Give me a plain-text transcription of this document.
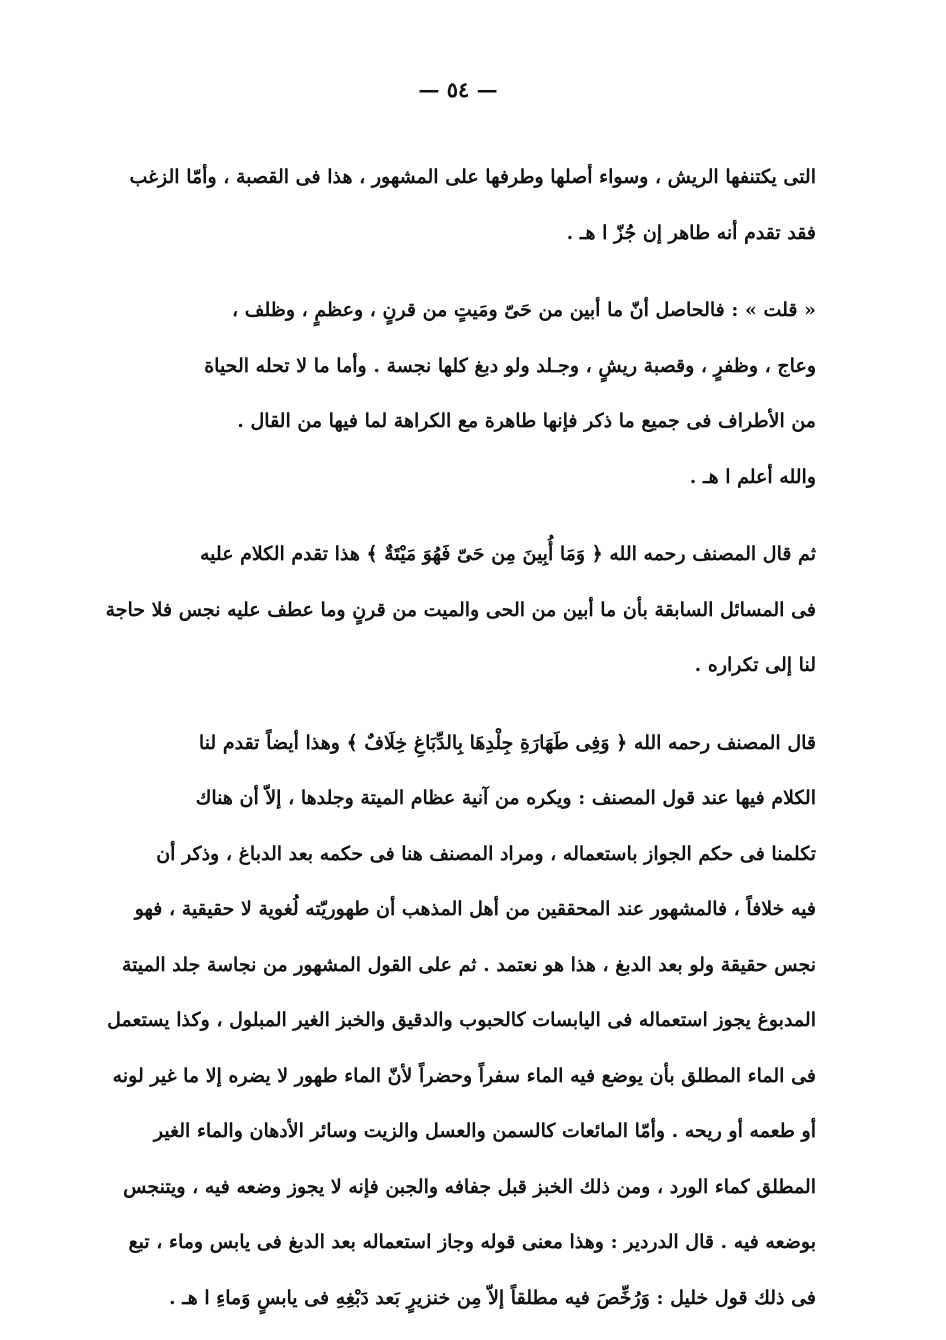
— ٥٤ —
التى يكتنفها الريش ، وسواء أصلها وطرفها على المشهور ، هذا فى القصبة ، وأمّا الزغب
فقد تقدم أنه طاهر إن جُزّ ا هـ .
« قلت » : فالحاصل أنّ ما أبين من حَىّ ومَيتٍ من قرنٍ ، وعظمٍ ، وظلف ،
وعاج ، وظفرٍ ، وقصبة ريشٍ ، وجـلد ولو دبغ كلها نجسة . وأما ما لا تحله الحياة
من الأطراف فى جميع ما ذكر فإنها طاهرة مع الكراهة لما فيها من القال .
والله أعلم ا هـ .
ثم قال المصنف رحمه الله ﴿ وَمَا أُبِينَ مِن حَىّ فَهُوَ مَيْتَةٌ ﴾ هذا تقدم الكلام عليه
فى المسائل السابقة بأن ما أبين من الحى والميت من قرنٍ وما عطف عليه نجس فلا حاجة
لنا إلى تكراره .
قال المصنف رحمه الله ﴿ وَفِى طَهَارَةِ جِلْدِهَا بِالدِّبَاغِ خِلَافٌ ﴾ وهذا أيضاً تقدم لنا
الكلام فيها عند قول المصنف : ويكره من آنية عظام الميتة وجلدها ، إلاّ أن هناك
تكلمنا فى حكم الجواز باستعماله ، ومراد المصنف هنا فى حكمه بعد الدباغ ، وذكر أن
فيه خلافاً ، فالمشهور عند المحققين من أهل المذهب أن طهوريّته لُغوية لا حقيقية ، فهو
نجس حقيقة ولو بعد الدبغ ، هذا هو نعتمد . ثم على القول المشهور من نجاسة جلد الميتة
المدبوغ يجوز استعماله فى اليابسات كالحبوب والدقيق والخبز الغير المبلول ، وكذا يستعمل
فى الماء المطلق بأن يوضع فيه الماء سفراً وحضراً لأنّ الماء طهور لا يضره إلا ما غير لونه
أو طعمه أو ريحه . وأمّا المائعات كالسمن والعسل والزيت وسائر الأدهان والماء الغير
المطلق كماء الورد ، ومن ذلك الخبز قبل جفافه والجبن فإنه لا يجوز وضعه فيه ، ويتنجس
بوضعه فيه . قال الدردير : وهذا معنى قوله وجاز استعماله بعد الدبغ فى يابس وماء ، تبع
فى ذلك قول خليل : وَرُخِّصَ فيه مطلقاً إلاّ مِن خنزيرٍ بَعد دَبْغِهِ فى يابسٍ وَماءِ ا هـ .
